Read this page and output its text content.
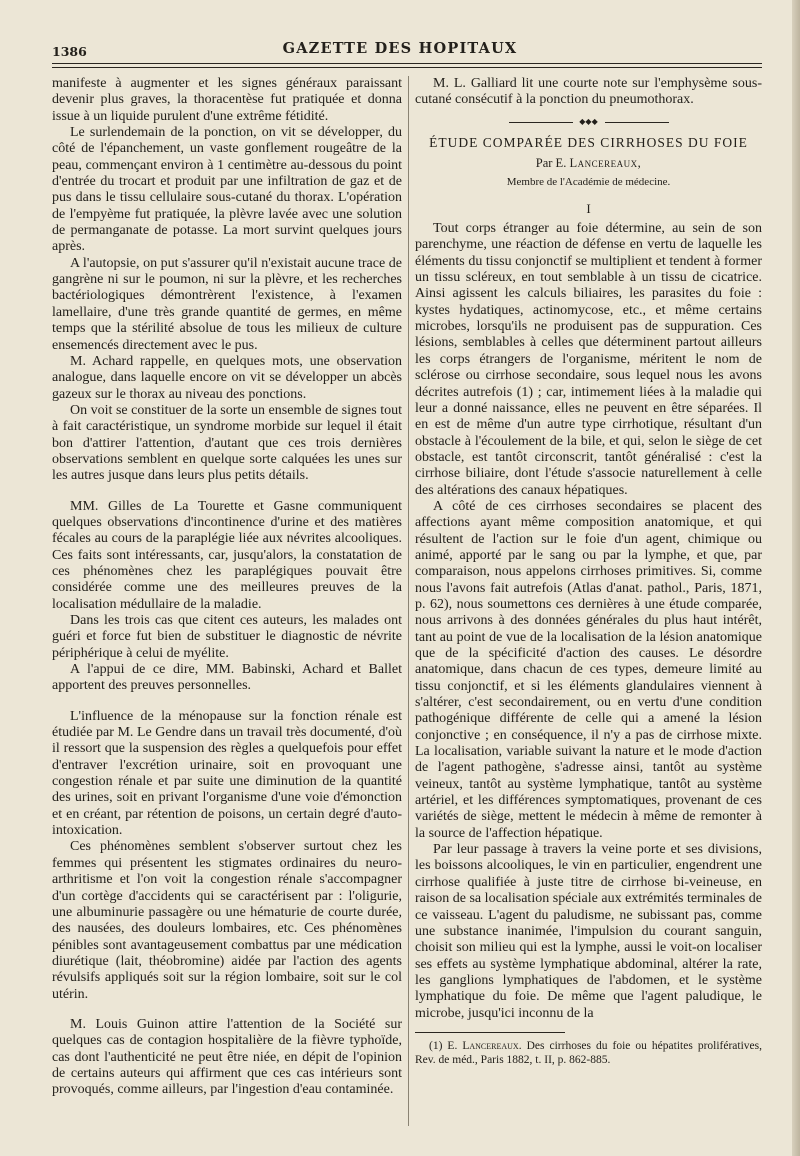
1386	GAZETTE DES HOPITAUX

manifeste à augmenter et les signes généraux paraissant devenir plus graves, la thoracentèse fut pratiquée et donna issue à un liquide purulent d'une extrême fétidité.

Le surlendemain de la ponction, on vit se développer, du côté de l'épanchement, un vaste gonflement rougeâtre de la peau, commençant environ à 1 centimètre au-dessous du point d'entrée du trocart et produit par une infiltration de gaz et de pus dans le tissu cellulaire sous-cutané du thorax. L'opération de l'empyème fut pratiquée, la plèvre lavée avec une solution de permanganate de potasse. La mort survint quelques jours après.

A l'autopsie, on put s'assurer qu'il n'existait aucune trace de gangrène ni sur le poumon, ni sur la plèvre, et les recherches bactériologiques démontrèrent l'existence, à l'examen lamellaire, d'une très grande quantité de germes, en même temps que la stérilité absolue de tous les milieux de culture ensemencés directement avec le pus.

M. Achard rappelle, en quelques mots, une observation analogue, dans laquelle encore on vit se développer un abcès gazeux sur le thorax au niveau des ponctions.

On voit se constituer de la sorte un ensemble de signes tout à fait caractéristique, un syndrome morbide sur lequel il était bon d'attirer l'attention, d'autant que ces trois dernières observations semblent en quelque sorte calquées les unes sur les autres jusque dans leurs plus petits détails.

MM. Gilles de La Tourette et Gasne communiquent quelques observations d'incontinence d'urine et des matières fécales au cours de la paraplégie liée aux névrites alcooliques. Ces faits sont intéressants, car, jusqu'alors, la constatation de ces phénomènes chez les paraplégiques pouvait être considérée comme une des meilleures preuves de la localisation médullaire de la maladie.

Dans les trois cas que citent ces auteurs, les malades ont guéri et force fut bien de substituer le diagnostic de névrite périphérique à celui de myélite.

A l'appui de ce dire, MM. Babinski, Achard et Ballet apportent des preuves personnelles.

L'influence de la ménopause sur la fonction rénale est étudiée par M. Le Gendre dans un travail très documenté, d'où il ressort que la suspension des règles a quelquefois pour effet d'entraver l'excrétion urinaire, soit en provoquant une congestion rénale et par suite une diminution de la quantité des urines, soit en privant l'organisme d'une voie d'émonction et en créant, par rétention de poisons, un certain degré d'auto-intoxication.

Ces phénomènes semblent s'observer surtout chez les femmes qui présentent les stigmates ordinaires du neuro-arthritisme et l'on voit la congestion rénale s'accompagner d'un cortège d'accidents qui se caractérisent par : l'oligurie, une albuminurie passagère ou une hématurie de courte durée, des nausées, des douleurs lombaires, etc. Ces phénomènes pénibles sont avantageusement combattus par une médication diurétique (lait, théobromine) aidée par l'action des agents révulsifs appliqués soit sur la région lombaire, soit sur le col utérin.

M. Louis Guinon attire l'attention de la Société sur quelques cas de contagion hospitalière de la fièvre typhoïde, cas dont l'authenticité ne peut être niée, en dépit de l'opinion de certains auteurs qui affirment que ces cas intérieurs sont provoqués, comme ailleurs, par l'ingestion d'eau contaminée.

M. L. Galliard lit une courte note sur l'emphysème sous-cutané consécutif à la ponction du pneumothorax.

◆◆◆
ÉTUDE COMPARÉE DES CIRRHOSES DU FOIE
Par E. Lancereaux,
Membre de l'Académie de médecine.
I

Tout corps étranger au foie détermine, au sein de son parenchyme, une réaction de défense en vertu de laquelle les éléments du tissu conjonctif se multiplient et tendent à former un tissu scléreux, en tout semblable à un tissu de cicatrice. Ainsi agissent les calculs biliaires, les parasites du foie : kystes hydatiques, actinomycose, etc., et même certains microbes, lorsqu'ils ne produisent pas de suppuration. Ces lésions, semblables à celles que déterminent partout ailleurs les corps étrangers de l'organisme, méritent le nom de sclérose ou cirrhose secondaire, sous lequel nous les avons décrites autrefois (1) ; car, intimement liées à la maladie qui leur a donné naissance, elles ne peuvent en être séparées. Il en est de même d'un autre type cirrhotique, résultant d'un obstacle à l'écoulement de la bile, et qui, selon le siège de cet obstacle, est tantôt circonscrit, tantôt généralisé : c'est la cirrhose biliaire, dont l'étude s'associe naturellement à celle des altérations des canaux hépatiques.

A côté de ces cirrhoses secondaires se placent des affections ayant même composition anatomique, et qui résultent de l'action sur le foie d'un agent, chimique ou animé, apporté par le sang ou par la lymphe, et que, par comparaison, nous appelons cirrhoses primitives. Si, comme nous l'avons fait autrefois (Atlas d'anat. pathol., Paris, 1871, p. 62), nous soumettons ces dernières à une étude comparée, nous arrivons à des données générales du plus haut intérêt, tant au point de vue de la localisation de la lésion anatomique que de la spécificité d'action des causes. Le désordre anatomique, dans chacun de ces types, demeure limité au tissu conjonctif, et si les éléments glandulaires viennent à s'altérer, c'est secondairement, ou en vertu d'une condition pathogénique différente de celle qui a amené la lésion conjonctive ; en conséquence, il n'y a pas de cirrhose mixte. La localisation, variable suivant la nature et le mode d'action de l'agent pathogène, s'adresse ainsi, tantôt au système veineux, tantôt au système lymphatique, tantôt au système artériel, et les différences symptomatiques, provenant de ces variétés de siège, mettent le médecin à même de remonter à la source de l'affection hépatique.

Par leur passage à travers la veine porte et ses divisions, les boissons alcooliques, le vin en particulier, engendrent une cirrhose qualifiée à juste titre de cirrhose bi-veineuse, en raison de sa localisation spéciale aux extrémités terminales de ce vaisseau. L'agent du paludisme, ne subissant pas, comme une substance inanimée, l'impulsion du courant sanguin, choisit son milieu qui est la lymphe, aussi le voit-on localiser ses effets au système lymphatique abdominal, altérer la rate, les ganglions lymphatiques de l'abdomen, et le système lymphatique du foie. De même que l'agent paludique, le microbe, jusqu'ici inconnu de la

(1) E. Lancereaux. Des cirrhoses du foie ou hépatites prolifératives, Rev. de méd., Paris 1882, t. II, p. 862-885.
